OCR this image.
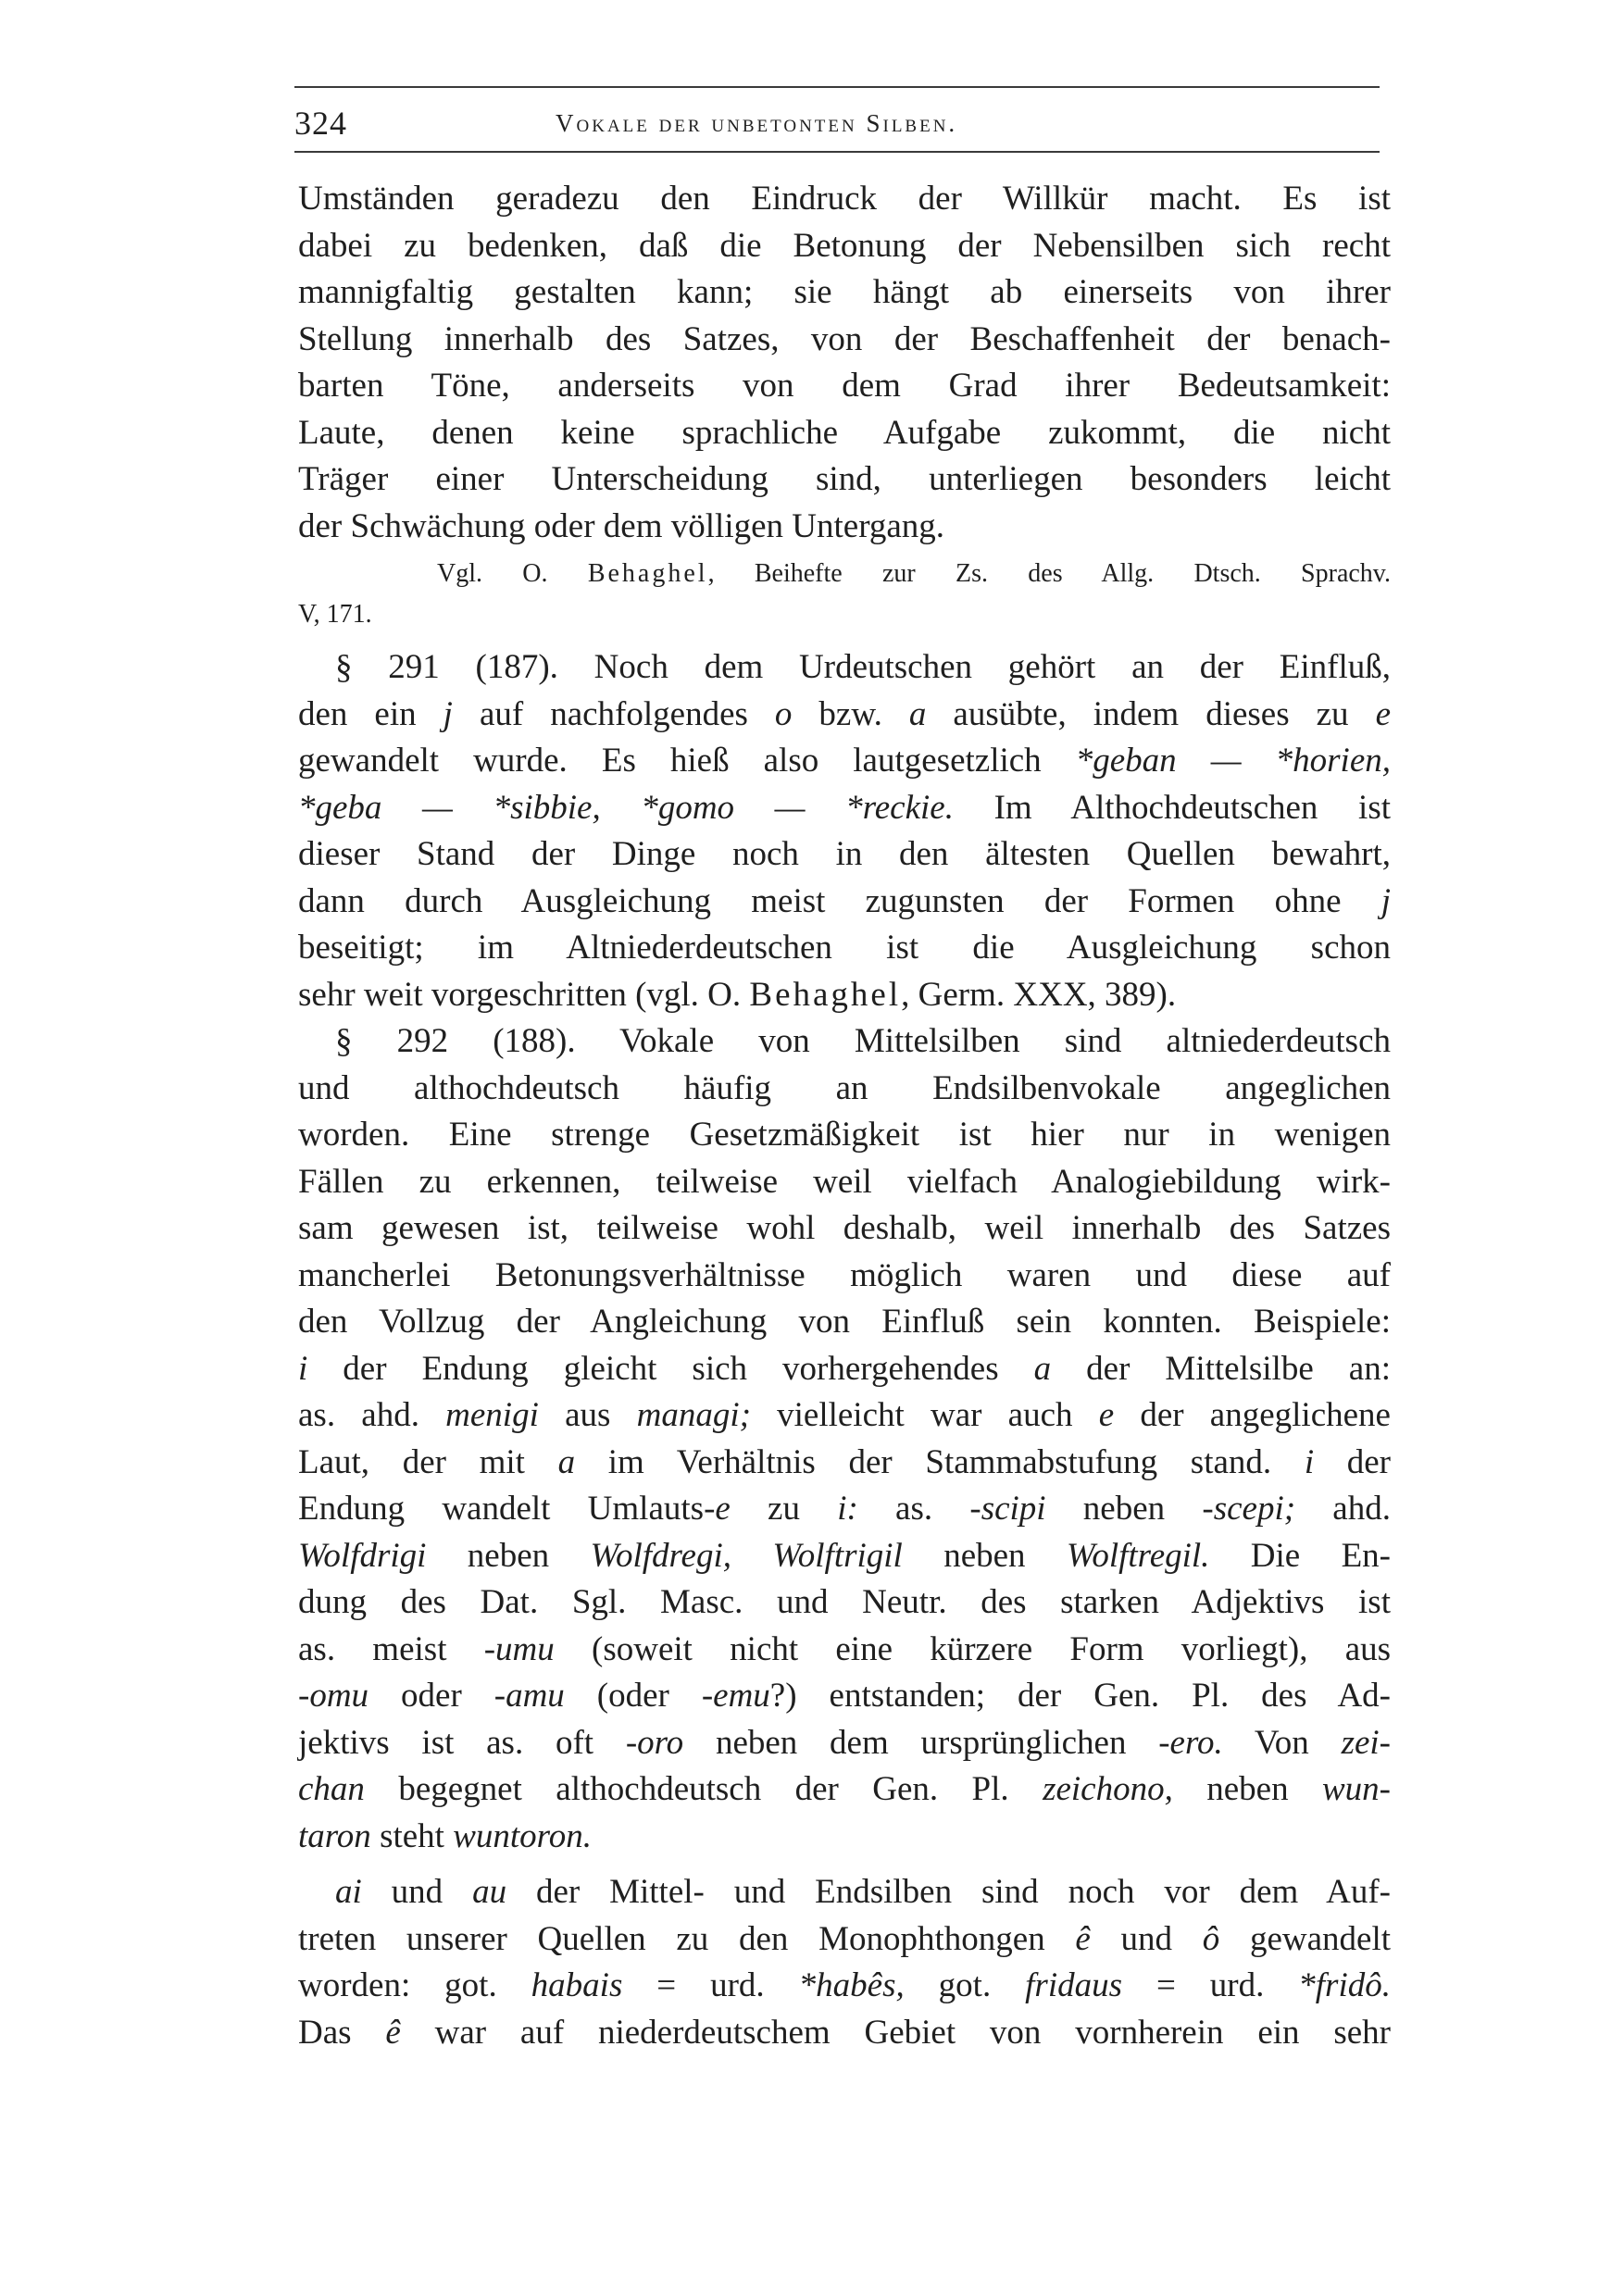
324	Vokale der unbetonten Silben.

Umständen geradezu den Eindruck der Willkür macht. Es ist

dabei zu bedenken, daß die Betonung der Nebensilben sich recht

mannigfaltig gestalten kann; sie hängt ab einerseits von ihrer

Stellung innerhalb des Satzes, von der Beschaffenheit der benach-

barten Töne, anderseits von dem Grad ihrer Bedeutsamkeit:

Laute, denen keine sprachliche Aufgabe zukommt, die nicht

Träger einer Unterscheidung sind, unterliegen besonders leicht

der Schwächung oder dem völligen Untergang.

Vgl. O. Behaghel, Beihefte zur Zs. des Allg. Dtsch. Sprachv.

V, 171.

§ 291 (187). Noch dem Urdeutschen gehört an der Einfluß,

den ein j auf nachfolgendes o bzw. a ausübte, indem dieses zu e

gewandelt wurde. Es hieß also lautgesetzlich *geban — *horien,

*geba — *sibbie, *gomo — *reckie. Im Althochdeutschen ist

dieser Stand der Dinge noch in den ältesten Quellen bewahrt,

dann durch Ausgleichung meist zugunsten der Formen ohne j

beseitigt; im Altniederdeutschen ist die Ausgleichung schon

sehr weit vorgeschritten (vgl. O. Behaghel, Germ. XXX, 389).

§ 292 (188). Vokale von Mittelsilben sind altniederdeutsch

und althochdeutsch häufig an Endsilbenvokale angeglichen

worden. Eine strenge Gesetzmäßigkeit ist hier nur in wenigen

Fällen zu erkennen, teilweise weil vielfach Analogiebildung wirk-

sam gewesen ist, teilweise wohl deshalb, weil innerhalb des Satzes

mancherlei Betonungsverhältnisse möglich waren und diese auf

den Vollzug der Angleichung von Einfluß sein konnten. Beispiele:

i der Endung gleicht sich vorhergehendes a der Mittelsilbe an:

as. ahd. menigi aus managi; vielleicht war auch e der angeglichene

Laut, der mit a im Verhältnis der Stammabstufung stand. i der

Endung wandelt Umlauts-e zu i: as. -scipi neben -scepi; ahd.

Wolfdrigi neben Wolfdregi, Wolftrigil neben Wolftregil. Die En-

dung des Dat. Sgl. Masc. und Neutr. des starken Adjektivs ist

as. meist -umu (soweit nicht eine kürzere Form vorliegt), aus

-omu oder -amu (oder -emu?) entstanden; der Gen. Pl. des Ad-

jektivs ist as. oft -oro neben dem ursprünglichen -ero. Von zei-

chan begegnet althochdeutsch der Gen. Pl. zeichono, neben wun-

taron steht wuntoron.

ai und au der Mittel- und Endsilben sind noch vor dem Auf-

treten unserer Quellen zu den Monophthongen ê und ô gewandelt

worden: got. habais = urd. *habês, got. fridaus = urd. *fridô.

Das ê war auf niederdeutschem Gebiet von vornherein ein sehr
